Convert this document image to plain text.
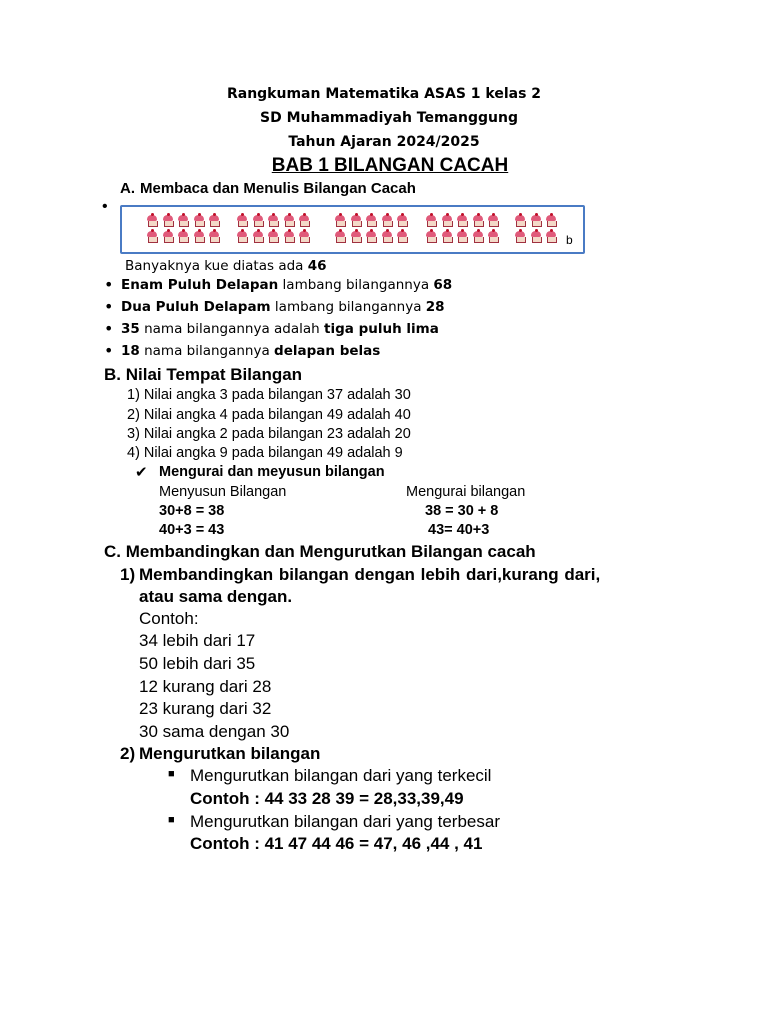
Rangkuman Matematika ASAS 1 kelas 2
SD Muhammadiyah Temanggung
Tahun Ajaran 2024/2025
BAB 1 BILANGAN CACAH
A. Membaca dan Menulis Bilangan Cacah
•
b
Banyaknya kue diatas ada 46
• Enam Puluh Delapan lambang bilangannya 68
• Dua Puluh Delapam lambang bilangannya 28
• 35 nama bilangannya adalah tiga puluh lima
• 18 nama bilangannya delapan belas
B. Nilai Tempat Bilangan
1) Nilai angka 3 pada bilangan 37 adalah 30
2) Nilai angka 4 pada bilangan 49 adalah 40
3) Nilai angka 2 pada bilangan 23 adalah 20
4) Nilai angka 9 pada bilangan 49 adalah 9
✔ Mengurai dan meyusun bilangan
Menyusun Bilangan	Mengurai bilangan
30+8 = 38
40+3 = 43
38 = 30 + 8
43= 40+3
C. Membandingkan dan Mengurutkan Bilangan cacah
1) Membandingkan bilangan dengan lebih dari,kurang dari,
atau sama dengan.
Contoh:
34 lebih dari 17
50 lebih dari 35
12 kurang dari 28
23 kurang dari 32
30 sama dengan 30
2) Mengurutkan bilangan
■ Mengurutkan bilangan dari yang terkecil
Contoh : 44 33 28 39 = 28,33,39,49
■ Mengurutkan bilangan dari yang terbesar
Contoh : 41 47 44 46 = 47, 46 ,44 , 41
